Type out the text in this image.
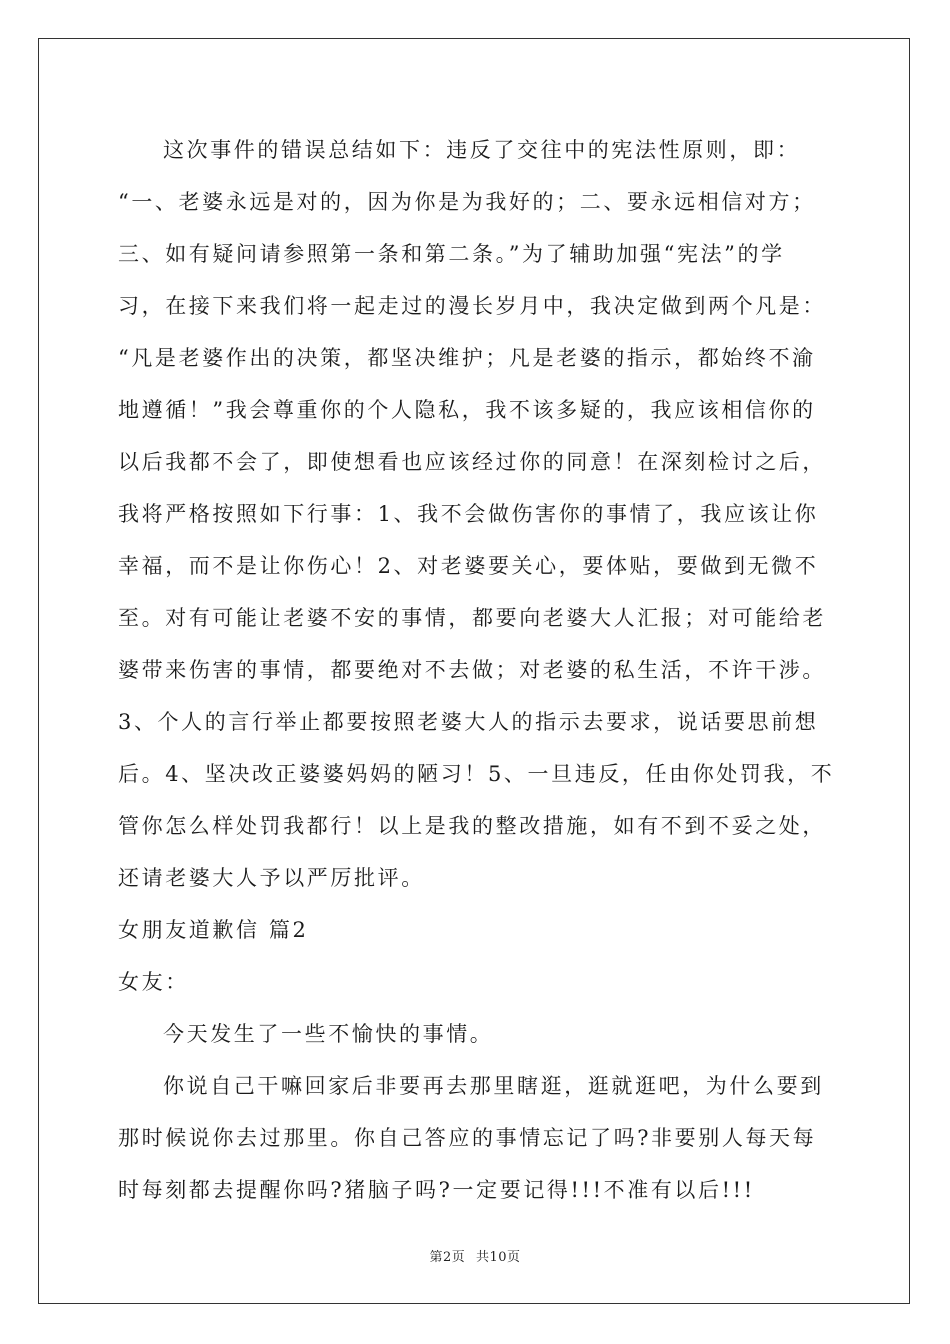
这次事件的错误总结如下：违反了交往中的宪法性原则，即：
“一、老婆永远是对的，因为你是为我好的；二、要永远相信对方；
三、如有疑问请参照第一条和第二条。”为了辅助加强“宪法”的学
习，在接下来我们将一起走过的漫长岁月中，我决定做到两个凡是：
“凡是老婆作出的决策，都坚决维护；凡是老婆的指示，都始终不渝
地遵循！”我会尊重你的个人隐私，我不该多疑的，我应该相信你的
以后我都不会了，即使想看也应该经过你的同意！在深刻检讨之后，
我将严格按照如下行事：1、我不会做伤害你的事情了，我应该让你
幸福，而不是让你伤心！2、对老婆要关心，要体贴，要做到无微不
至。对有可能让老婆不安的事情，都要向老婆大人汇报；对可能给老
婆带来伤害的事情，都要绝对不去做；对老婆的私生活，不许干涉。
3、个人的言行举止都要按照老婆大人的指示去要求，说话要思前想
后。4、坚决改正婆婆妈妈的陋习！5、一旦违反，任由你处罚我，不
管你怎么样处罚我都行！以上是我的整改措施，如有不到不妥之处，
还请老婆大人予以严厉批评。
女朋友道歉信 篇2
女友：
今天发生了一些不愉快的事情。
你说自己干嘛回家后非要再去那里瞎逛，逛就逛吧，为什么要到
那时候说你去过那里。你自己答应的事情忘记了吗?非要别人每天每
时每刻都去提醒你吗?猪脑子吗?一定要记得!!!不准有以后!!!
第2页 共10页
